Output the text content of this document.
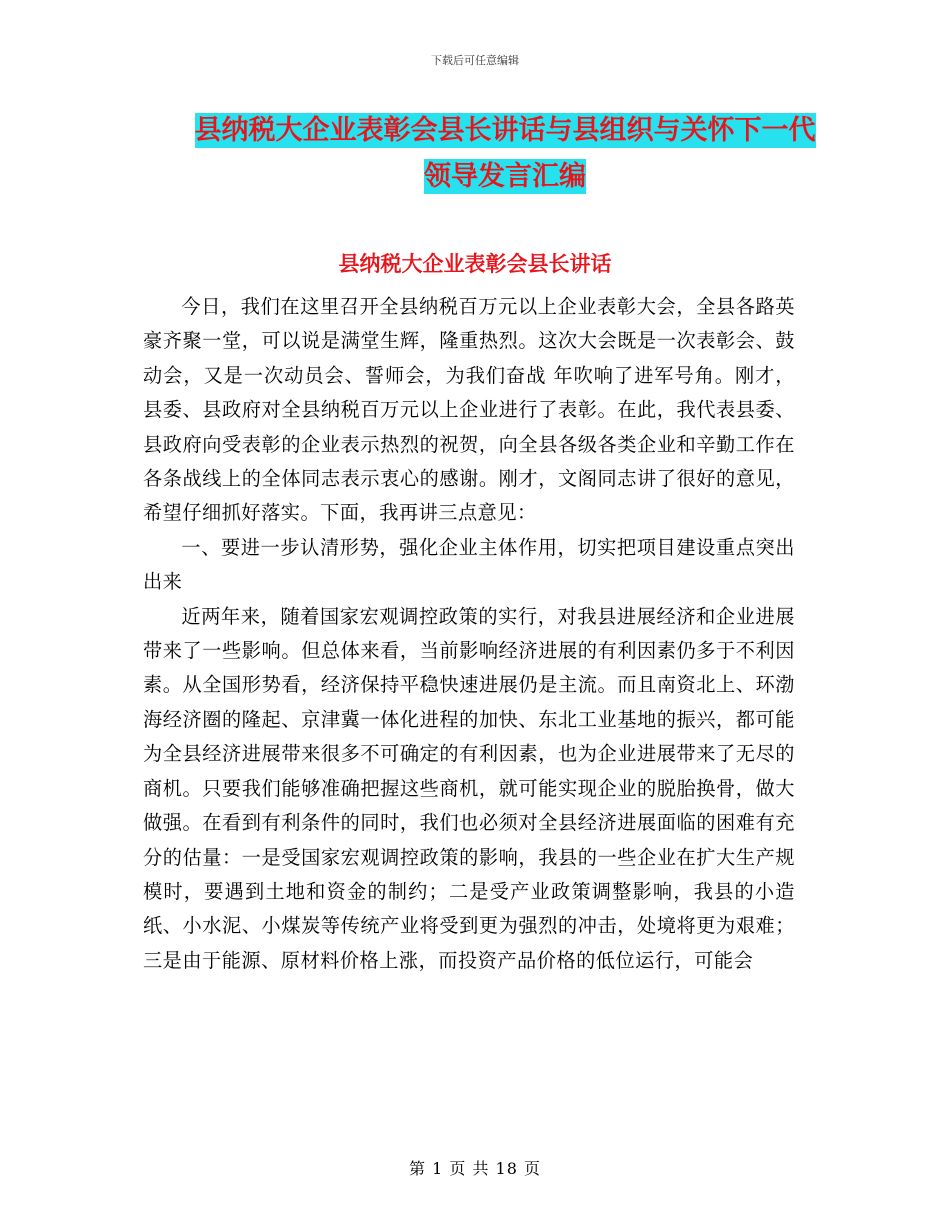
下载后可任意编辑
县纳税大企业表彰会县长讲话与县组织与关怀下一代
领导发言汇编
县纳税大企业表彰会县长讲话

今日，我们在这里召开全县纳税百万元以上企业表彰大会，全县各路英豪齐聚一堂，可以说是满堂生辉，隆重热烈。这次大会既是一次表彰会、鼓动会，又是一次动员会、誓师会，为我们奋战 年吹响了进军号角。刚才，县委、县政府对全县纳税百万元以上企业进行了表彰。在此，我代表县委、县政府向受表彰的企业表示热烈的祝贺，向全县各级各类企业和辛勤工作在各条战线上的全体同志表示衷心的感谢。刚才，文阁同志讲了很好的意见，希望仔细抓好落实。下面，我再讲三点意见：

一、要进一步认清形势，强化企业主体作用，切实把项目建设重点突出出来

近两年来，随着国家宏观调控政策的实行，对我县进展经济和企业进展带来了一些影响。但总体来看，当前影响经济进展的有利因素仍多于不利因素。从全国形势看，经济保持平稳快速进展仍是主流。而且南资北上、环渤海经济圈的隆起、京津冀一体化进程的加快、东北工业基地的振兴，都可能为全县经济进展带来很多不可确定的有利因素，也为企业进展带来了无尽的商机。只要我们能够准确把握这些商机，就可能实现企业的脱胎换骨，做大做强。在看到有利条件的同时，我们也必须对全县经济进展面临的困难有充分的估量：一是受国家宏观调控政策的影响，我县的一些企业在扩大生产规模时，要遇到土地和资金的制约；二是受产业政策调整影响，我县的小造纸、小水泥、小煤炭等传统产业将受到更为强烈的冲击，处境将更为艰难；三是由于能源、原材料价格上涨，而投资产品价格的低位运行，可能会

第 1 页 共 18 页
